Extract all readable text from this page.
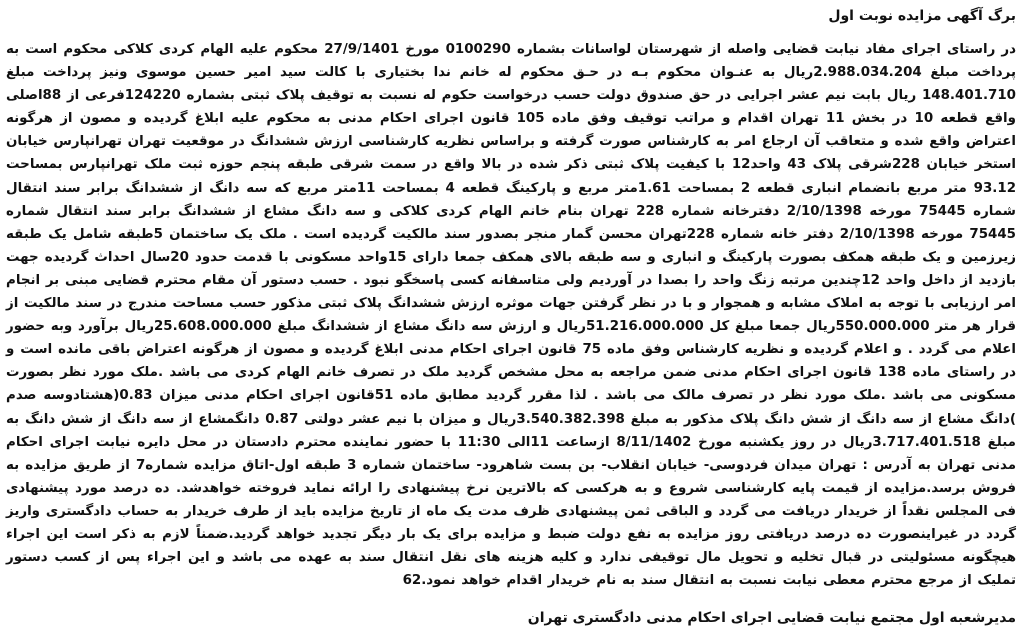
برگ آگهی مزایده نوبت اول

در راستای اجرای مفاد نیابت قضایی واصله از شهرستان لواسانات بشماره 0100290 مورخ 27/9/1401 محکوم علیه الهام کردی کلاکی محکوم است به پرداخت مبلغ 2.988.034.204ریال به عنـوان محکوم بـه در حـق محکوم له خانم ندا بختیاری با کالت سید امیر حسین موسوی ونیز پرداخت مبلغ 148.401.710 ریال بابت نیم عشر اجرایی در حق صندوق دولت حسب درخواست حکوم له نسبت به توقیف پلاک ثبتی بشماره 124220فرعی از 88اصلی واقع قطعه 10 در بخش 11 تهران اقدام و مراتب توقیف وفق ماده 105 قانون اجرای احکام مدنی به محکوم علیه ابلاغ گردیده و مصون از هرگونه اعتراض واقع شده و متعاقب آن ارجاع امر به کارشناس صورت گرفته و براساس نظریه کارشناسی ارزش ششدانگ در موقعیت تهران تهرانپارس خیابان استخر خیابان 228شرقی پلاک 43 واحد12 با کیفیت پلاک ثبتی ذکر شده در بالا واقع در سمت شرقی طبقه پنجم حوزه ثبت ملک تهرانپارس بمساحت 93.12 متر مربع بانضمام انباری قطعه 2 بمساحت 1.61متر مربع و پارکینگ قطعه 4 بمساحت 11متر مربع که سه دانگ از ششدانگ برابر سند انتقال شماره 75445 مورخه 2/10/1398 دفترخانه شماره 228 تهران بنام خانم الهام کردی کلاکی و سه دانگ مشاع از ششدانگ برابر سند انتقال شماره 75445 مورخه 2/10/1398 دفتر خانه شماره 228تهران محسن گمار منجر بصدور سند مالکیت گردیده است . ملک یک ساختمان 5طبقه شامل یک طبقه زیرزمین و یک طبقه همکف بصورت پارکینگ و انباری و سه طبقه بالای همکف جمعا دارای 15واحد مسکونی با قدمت حدود 20سال احداث گردیده جهت بازدید از داخل واحد 12چندین مرتبه زنگ واحد را بصدا در آوردیم ولی متاسفانه کسی پاسخگو نبود . حسب دستور آن مقام محترم قضایی مبنی بر انجام امر ارزیابی با توجه به املاک مشابه و همجوار و با در نظر گرفتن جهات موثره ارزش ششدانگ پلاک ثبتی مذکور حسب مساحت مندرج در سند مالکیت از قرار هر متر 550.000.000ریال جمعا مبلغ کل 51.216.000.000ریال و ارزش سه دانگ مشاع از ششدانگ مبلغ 25.608.000.000ریال برآورد وبه حضور اعلام می گردد . و اعلام گردیده و نظریه کارشناس وفق ماده 75 قانون اجرای احکام مدنی ابلاغ گردیده و مصون از هرگونه اعتراض باقی مانده است و در راستای ماده 138 قانون اجرای احکام مدنی ضمن مراجعه به محل مشخص گردید ملک در تصرف خانم الهام کردی می باشد .ملک مورد نظر بصورت مسکونی می باشد .ملک مورد نظر در تصرف مالک می باشد . لذا مقرر گردید مطابق ماده 51قانون اجرای احکام مدنی میزان 0.83(هشتادوسه صدم )دانگ مشاع از سه دانگ از شش دانگ پلاک مذکور به مبلغ 3.540.382.398ریال و میزان با نیم عشر دولتی 0.87 دانگمشاع از سه دانگ از شش دانگ به مبلغ 3.717.401.518ریال در روز یکشنبه مورخ 8/11/1402 ازساعت 11الی 11:30 با حضور نماینده محترم دادستان در محل دایره نیابت اجرای احکام مدنی تهران به آدرس : تهران میدان فردوسی- خیابان انقلاب- بن بست شاهرود- ساختمان شماره 3 طبقه اول-اتاق مزایده شماره7 از طریق مزایده به فروش برسد.مزایده از قیمت پایه کارشناسی شروع و به هرکسی که بالاترین نرخ پیشنهادی را ارائه نماید فروخته خواهدشد. ده درصد مورد پیشنهادی فی المجلس نقداً از خریدار دریافت می گردد و الباقی ثمن پیشنهادی ظرف مدت یک ماه از تاریخ مزایده باید از طرف خریدار به حساب دادگستری واریز گردد در غیراینصورت ده درصد دریافتی روز مزایده به نفع دولت ضبط و مزایده برای یک بار دیگر تجدید خواهد گردید.ضمناً لازم به ذکر است این اجراء هیچگونه مسئولیتی در قبال تخلیه و تحویل مال توقیفی ندارد و کلیه هزینه های نقل انتقال سند به عهده می باشد و این اجراء پس از کسب دستور تملیک از مرجع محترم معطی نیابت نسبت به انتقال سند به نام خریدار اقدام خواهد نمود.62

مدیرشعبه اول مجتمع نیابت قضایی اجرای احکام مدنی دادگستری تهران
